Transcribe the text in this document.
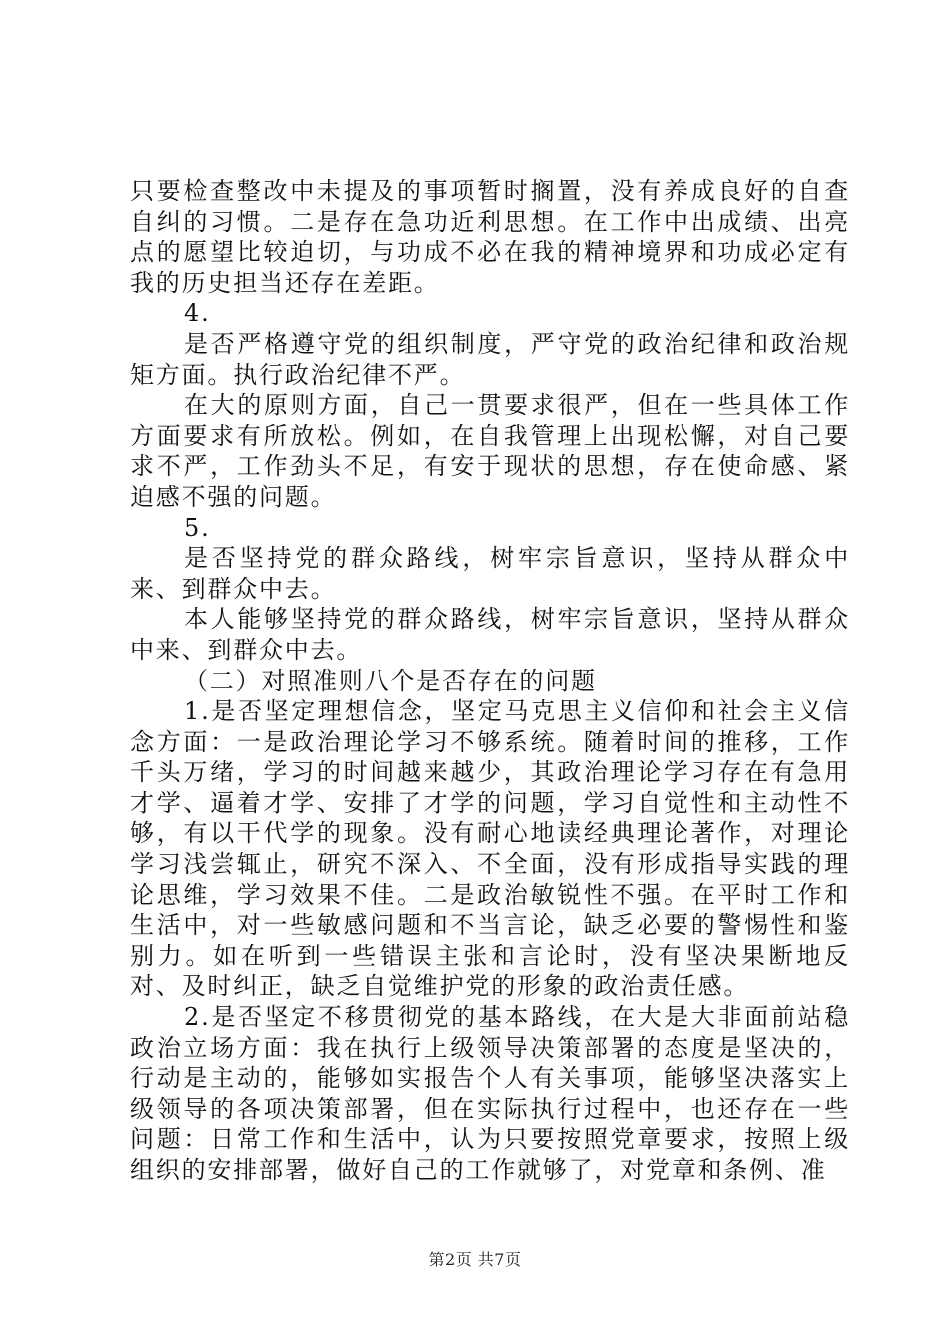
只要检查整改中未提及的事项暂时搁置，没有养成良好的自查自纠的习惯。二是存在急功近利思想。在工作中出成绩、出亮点的愿望比较迫切，与功成不必在我的精神境界和功成必定有我的历史担当还存在差距。

4.

是否严格遵守党的组织制度，严守党的政治纪律和政治规矩方面。执行政治纪律不严。

在大的原则方面，自己一贯要求很严，但在一些具体工作方面要求有所放松。例如，在自我管理上出现松懈，对自己要求不严，工作劲头不足，有安于现状的思想，存在使命感、紧迫感不强的问题。

5.

是否坚持党的群众路线，树牢宗旨意识，坚持从群众中来、到群众中去。

本人能够坚持党的群众路线，树牢宗旨意识，坚持从群众中来、到群众中去。

（二）对照准则八个是否存在的问题

1.是否坚定理想信念，坚定马克思主义信仰和社会主义信念方面：一是政治理论学习不够系统。随着时间的推移，工作千头万绪，学习的时间越来越少，其政治理论学习存在有急用才学、逼着才学、安排了才学的问题，学习自觉性和主动性不够，有以干代学的现象。没有耐心地读经典理论著作，对理论学习浅尝辄止，研究不深入、不全面，没有形成指导实践的理论思维，学习效果不佳。二是政治敏锐性不强。在平时工作和生活中，对一些敏感问题和不当言论，缺乏必要的警惕性和鉴别力。如在听到一些错误主张和言论时，没有坚决果断地反对、及时纠正，缺乏自觉维护党的形象的政治责任感。

2.是否坚定不移贯彻党的基本路线，在大是大非面前站稳政治立场方面：我在执行上级领导决策部署的态度是坚决的，行动是主动的，能够如实报告个人有关事项，能够坚决落实上级领导的各项决策部署，但在实际执行过程中，也还存在一些问题：日常工作和生活中，认为只要按照党章要求，按照上级组织的安排部署，做好自己的工作就够了，对党章和条例、准

第2页 共7页
